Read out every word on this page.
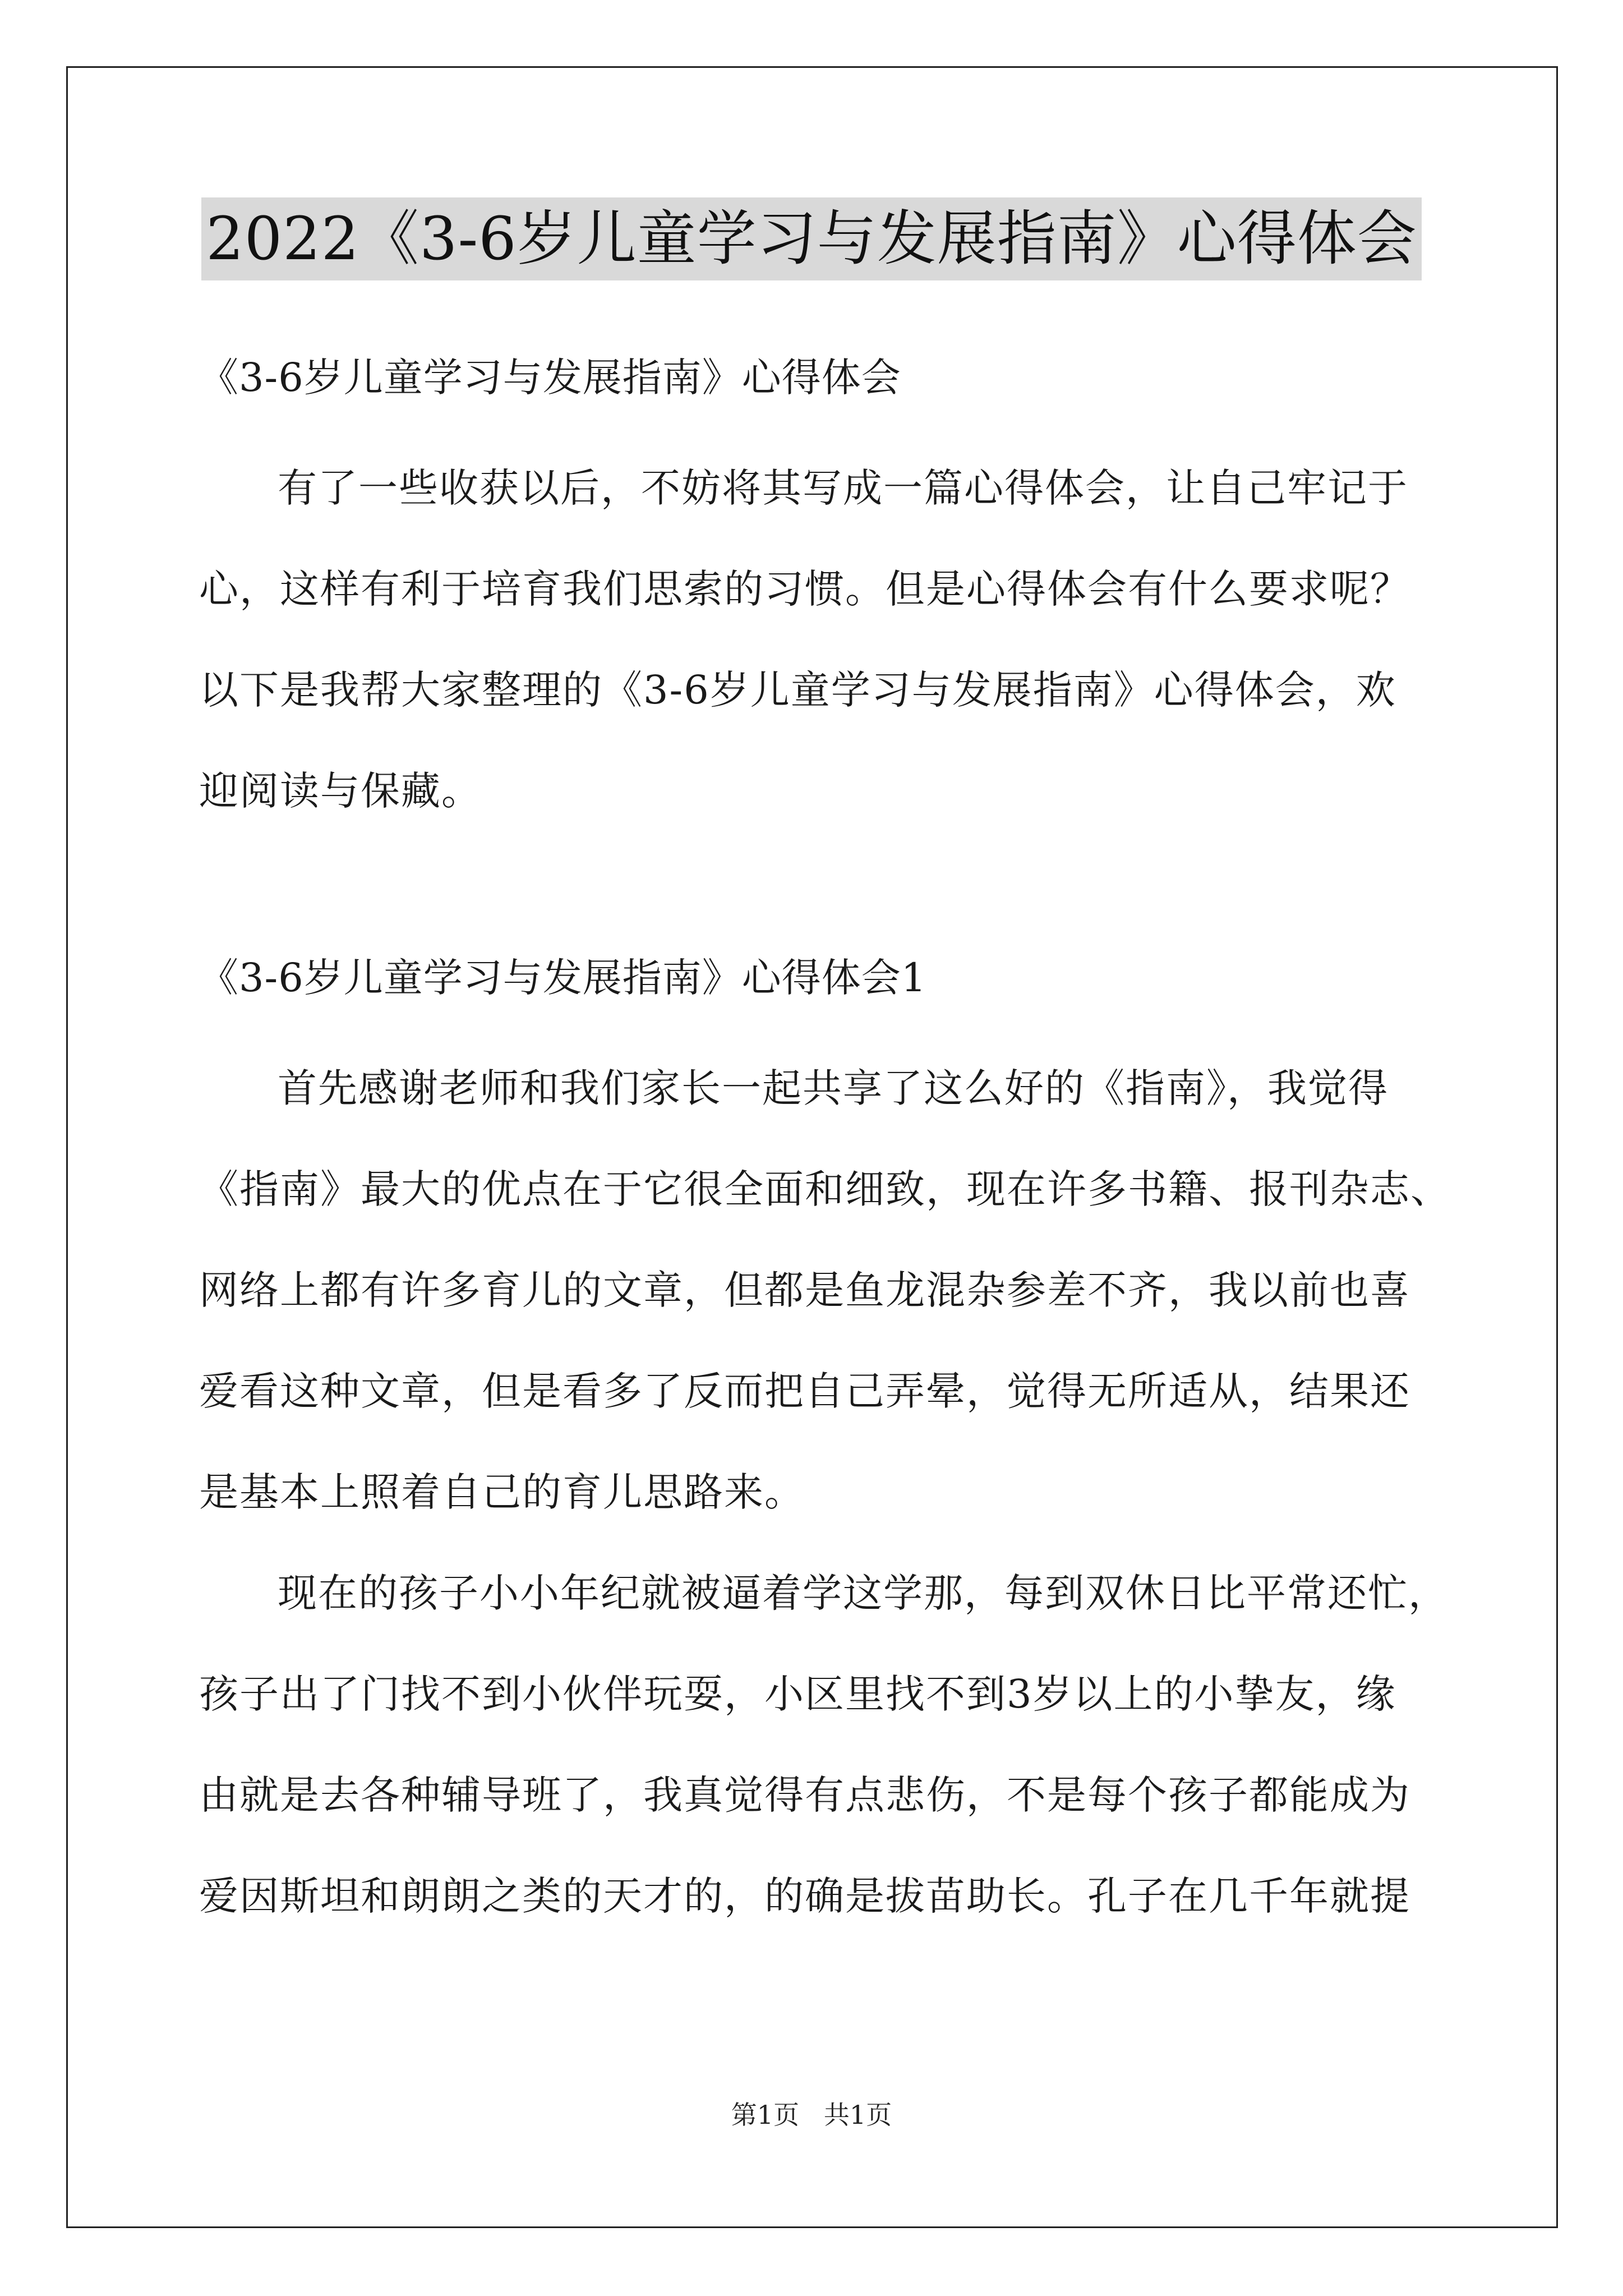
2022《3-6岁儿童学习与发展指南》心得体会

《3-6岁儿童学习与发展指南》心得体会

有了一些收获以后，不妨将其写成一篇心得体会，让自己牢记于

心，这样有利于培育我们思索的习惯。但是心得体会有什么要求呢？

以下是我帮大家整理的《3-6岁儿童学习与发展指南》心得体会，欢

迎阅读与保藏。

《3-6岁儿童学习与发展指南》心得体会1

首先感谢老师和我们家长一起共享了这么好的《指南》，我觉得

《指南》最大的优点在于它很全面和细致，现在许多书籍、报刊杂志、

网络上都有许多育儿的文章，但都是鱼龙混杂参差不齐，我以前也喜

爱看这种文章，但是看多了反而把自己弄晕，觉得无所适从，结果还

是基本上照着自己的育儿思路来。

现在的孩子小小年纪就被逼着学这学那，每到双休日比平常还忙，

孩子出了门找不到小伙伴玩耍，小区里找不到3岁以上的小挚友，缘

由就是去各种辅导班了，我真觉得有点悲伤，不是每个孩子都能成为

爱因斯坦和朗朗之类的天才的，的确是拔苗助长。孔子在几千年就提

第1页   共1页
